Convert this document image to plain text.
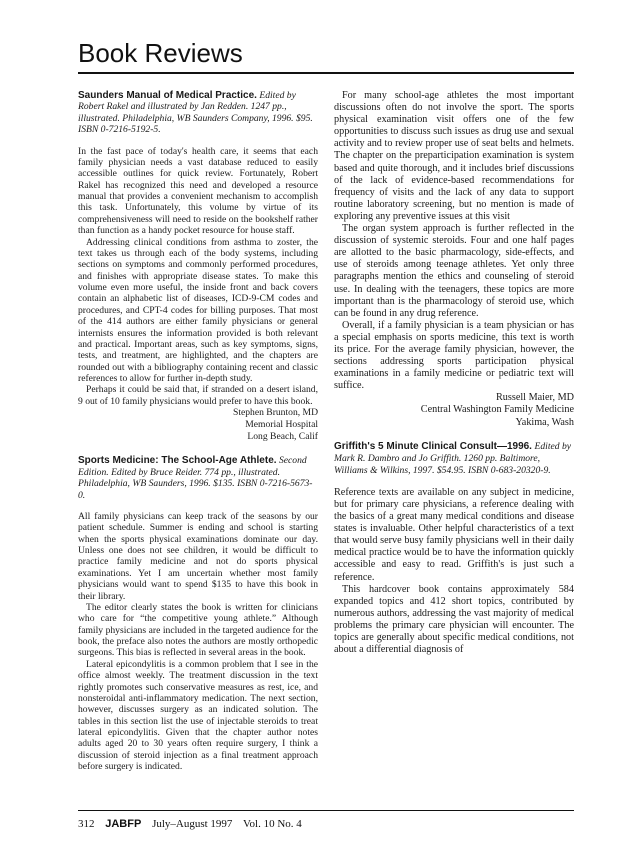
Book Reviews
Saunders Manual of Medical Practice. Edited by Robert Rakel and illustrated by Jan Redden. 1247 pp., illustrated. Philadelphia, WB Saunders Company, 1996. $95. ISBN 0-7216-5192-5.

In the fast pace of today's health care, it seems that each family physician needs a vast database reduced to easily accessible outlines for quick review. Fortunately, Robert Rakel has recognized this need and developed a resource manual that provides a convenient mechanism to accomplish this task. Unfortunately, this volume by virtue of its comprehensiveness will need to reside on the bookshelf rather than function as a handy pocket resource for house staff.

Addressing clinical conditions from asthma to zoster, the text takes us through each of the body systems, including sections on symptoms and commonly performed procedures, and finishes with appropriate disease states. To make this volume even more useful, the inside front and back covers contain an alphabetic list of diseases, ICD-9-CM codes and procedures, and CPT-4 codes for billing purposes. That most of the 414 authors are either family physicians or general internists ensures the information provided is both relevant and practical. Important areas, such as key symptoms, signs, tests, and treatment, are highlighted, and the chapters are rounded out with a bibliography containing recent and classic references to allow for further in-depth study.

Perhaps it could be said that, if stranded on a desert island, 9 out of 10 family physicians would prefer to have this book.

Stephen Brunton, MD
Memorial Hospital
Long Beach, Calif
Sports Medicine: The School-Age Athlete. Second Edition. Edited by Bruce Reider. 774 pp., illustrated. Philadelphia, WB Saunders, 1996. $135. ISBN 0-7216-5673-0.

All family physicians can keep track of the seasons by our patient schedule. Summer is ending and school is starting when the sports physical examinations dominate our day. Unless one does not see children, it would be difficult to practice family medicine and not do sports physical examinations. Yet I am uncertain whether most family physicians would want to spend $135 to have this book in their library.

The editor clearly states the book is written for clinicians who care for “the competitive young athlete.” Although family physicians are included in the targeted audience for the book, the preface also notes the authors are mostly orthopedic surgeons. This bias is reflected in several areas in the book.

Lateral epicondylitis is a common problem that I see in the office almost weekly. The treatment discussion in the text rightly promotes such conservative measures as rest, ice, and nonsteroidal anti-inflammatory medication. The next section, however, discusses surgery as an indicated solution. The tables in this section list the use of injectable steroids to treat lateral epicondylitis. Given that the chapter author notes adults aged 20 to 30 years often require surgery, I think a discussion of steroid injection as a final treatment approach before surgery is indicated.

For many school-age athletes the most important discussions often do not involve the sport. The sports physical examination visit offers one of the few opportunities to discuss such issues as drug use and sexual activity and to review proper use of seat belts and helmets. The chapter on the preparticipation examination is system based and quite thorough, and it includes brief discussions of the lack of evidence-based recommendations for frequency of visits and the lack of any data to support routine laboratory screening, but no mention is made of exploring any preventive issues at this visit

The organ system approach is further reflected in the discussion of systemic steroids. Four and one half pages are allotted to the basic pharmacology, side-effects, and use of steroids among teenage athletes. Yet only three paragraphs mention the ethics and counseling of steroid use. In dealing with the teenagers, these topics are more important than is the pharmacology of steroid use, which can be found in any drug reference.

Overall, if a family physician is a team physician or has a special emphasis on sports medicine, this text is worth its price. For the average family physician, however, the sections addressing sports participation physical examinations in a family medicine or pediatric text will suffice.

Russell Maier, MD
Central Washington Family Medicine
Yakima, Wash
Griffith's 5 Minute Clinical Consult—1996. Edited by Mark R. Dambro and Jo Griffith. 1260 pp. Baltimore, Williams & Wilkins, 1997. $54.95. ISBN 0-683-20320-9.

Reference texts are available on any subject in medicine, but for primary care physicians, a reference dealing with the basics of a great many medical conditions and disease states is invaluable. Other helpful characteristics of a text that would serve busy family physicians well in their daily medical practice would be to have the information quickly accessible and easy to read. Griffith's is just such a reference.

This hardcover book contains approximately 584 expanded topics and 412 short topics, contributed by numerous authors, addressing the vast majority of medical problems the primary care physician will encounter. The topics are generally about specific medical conditions, not about a differential diagnosis of

312 JABFP July–August 1997 Vol. 10 No. 4
